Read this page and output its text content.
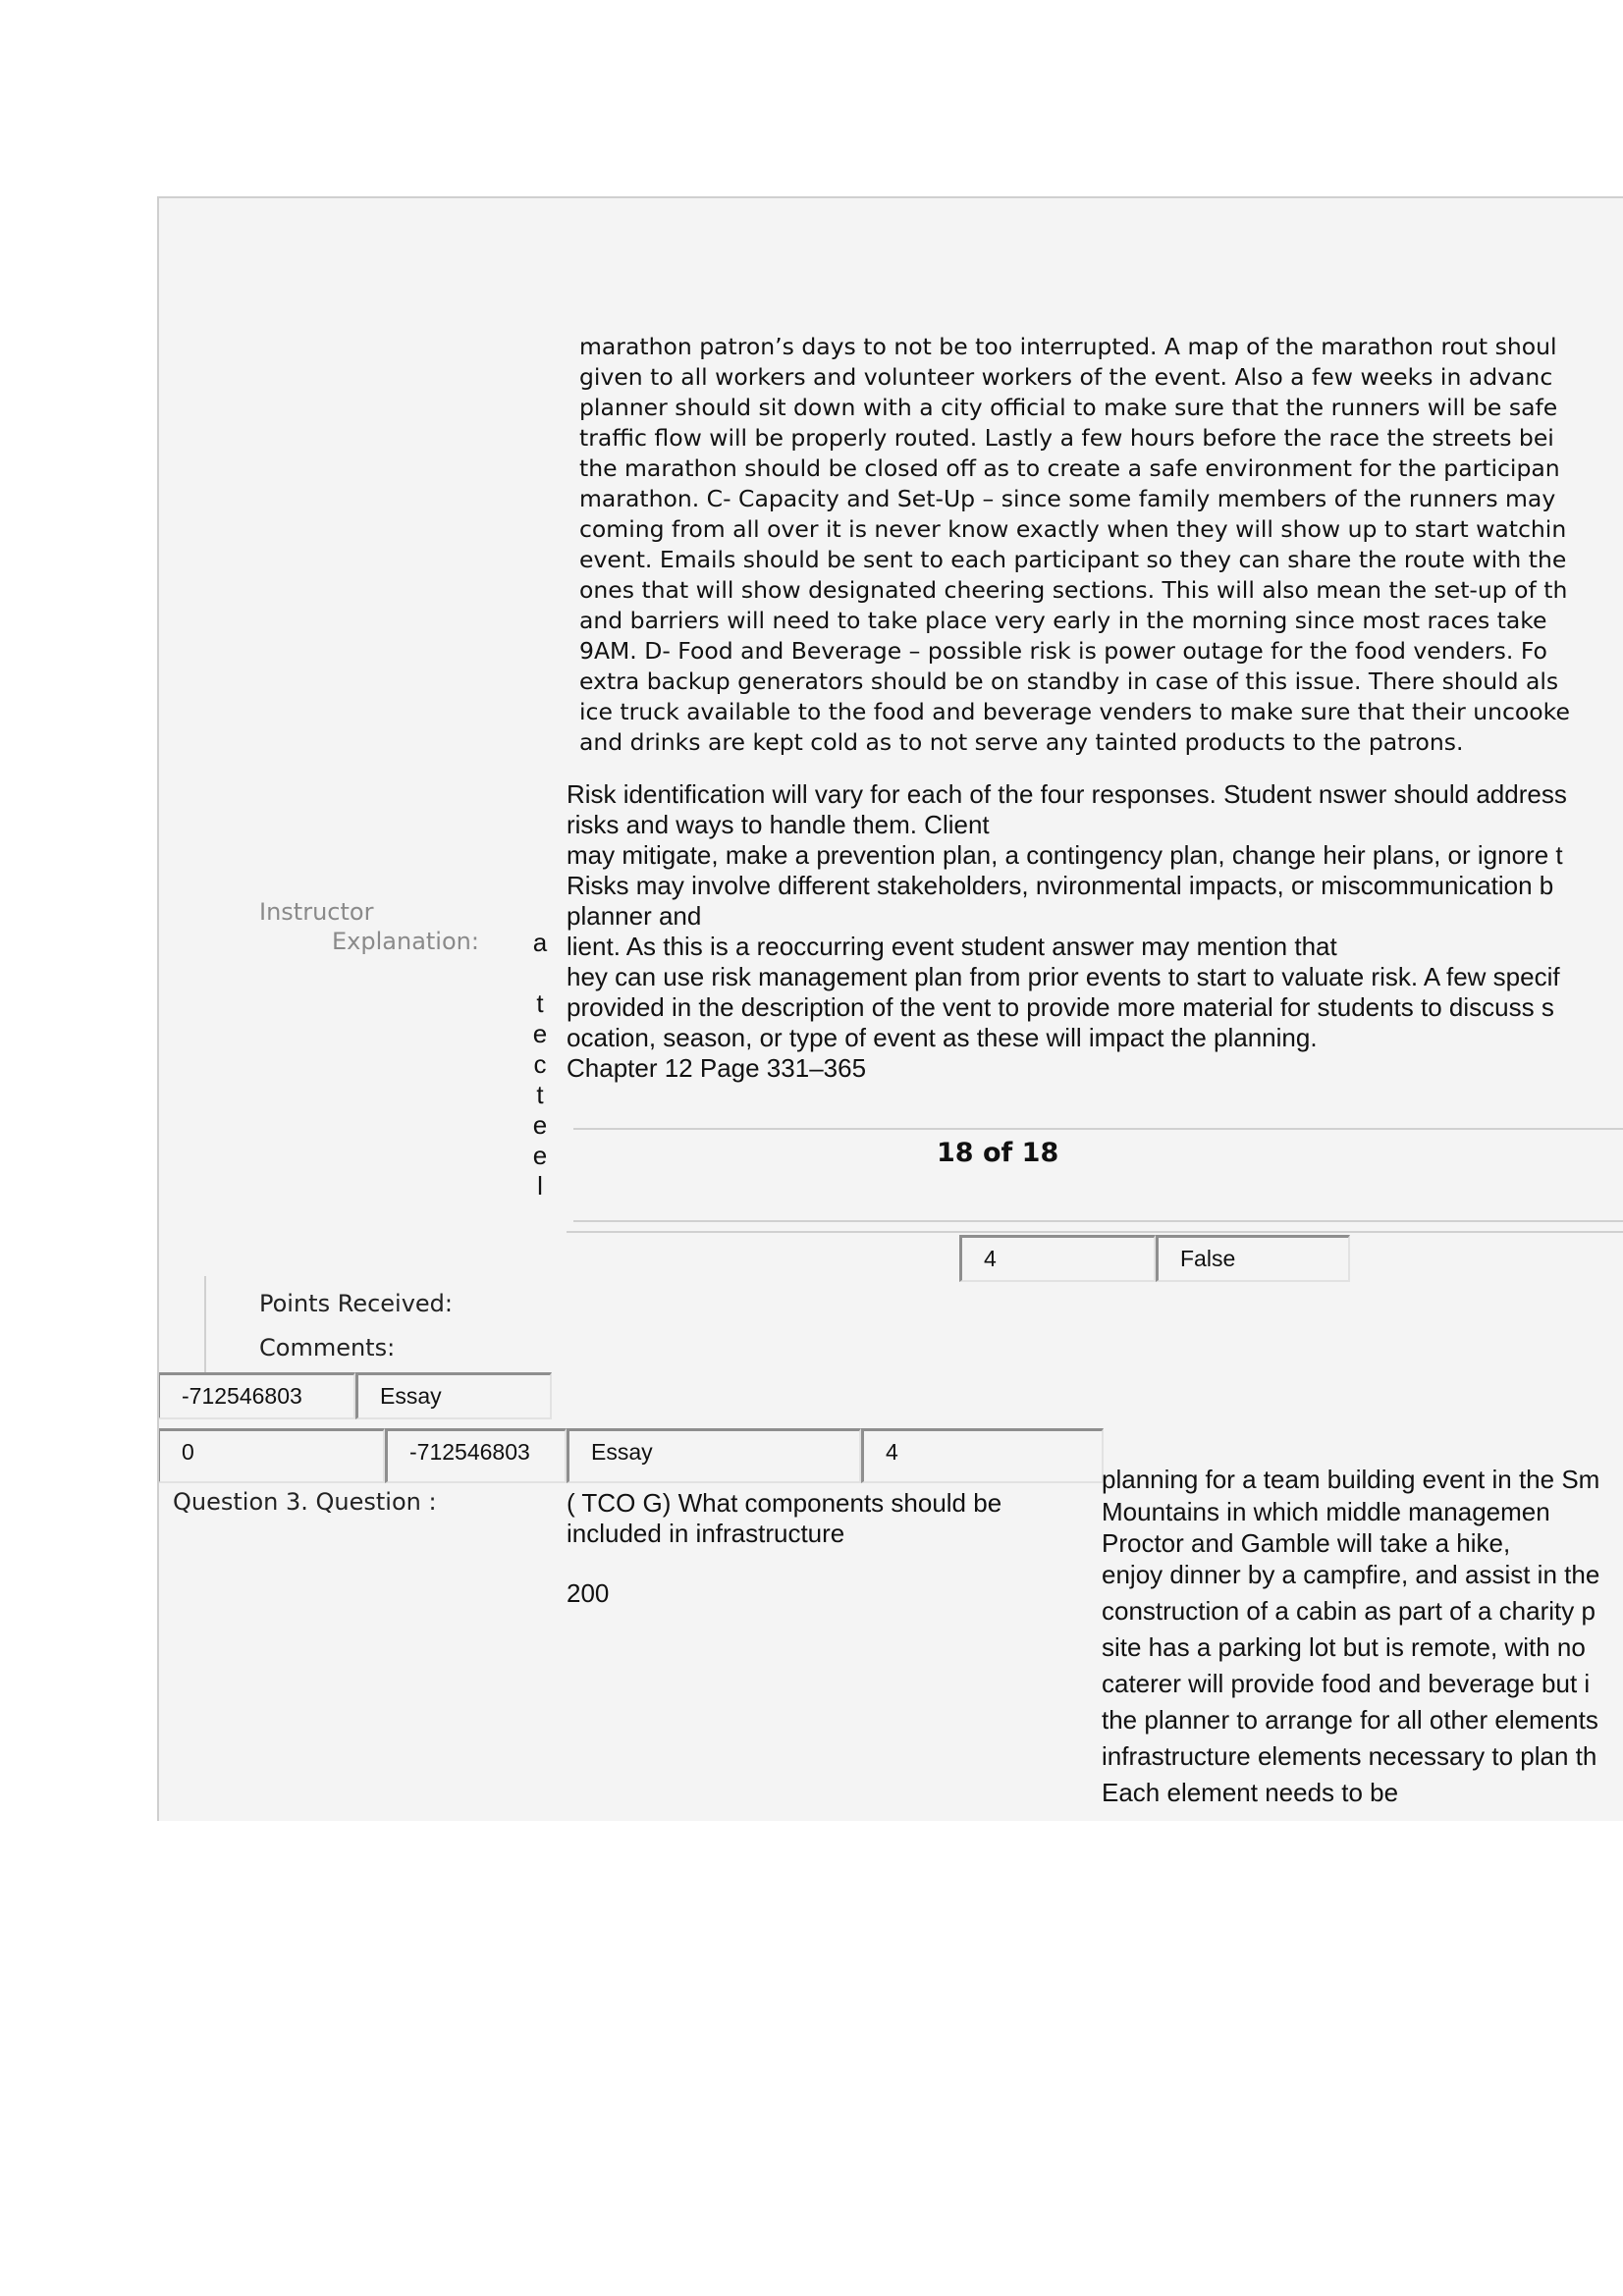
marathon patron’s days to not be too interrupted. A map of the marathon rout shoul
given to all workers and volunteer workers of the event. Also a few weeks in advanc
planner should sit down with a city official to make sure that the runners will be safe
traffic flow will be properly routed. Lastly a few hours before the race the streets bei
the marathon should be closed off as to create a safe environment for the participan
marathon. C- Capacity and Set-Up – since some family members of the runners may
coming from all over it is never know exactly when they will show up to start watchin
event. Emails should be sent to each participant so they can share the route with the
ones that will show designated cheering sections. This will also mean the set-up of th
and barriers will need to take place very early in the morning since most races take
9AM. D- Food and Beverage – possible risk is power outage for the food venders. Fo
extra backup generators should be on standby in case of this issue. There should als
ice truck available to the food and beverage venders to make sure that their uncooke
and drinks are kept cold as to not serve any tainted products to the patrons.
Instructor
Explanation: a
t
e
c
t
e
e
l
Risk identification will vary for each of the four responses. Student nswer should address
risks and ways to handle them. Client
may mitigate, make a prevention plan, a contingency plan, change heir plans, or ignore t
Risks may involve different stakeholders, nvironmental impacts, or miscommunication b
planner and
lient. As this is a reoccurring event student answer may mention that
hey can use risk management plan from prior events to start to valuate risk. A few specif
provided in the description of the vent to provide more material for students to discuss s
ocation, season, or type of event as these will impact the planning.
Chapter 12 Page 331–365
18 of 18
4	False
Points Received:
Comments:
-712546803	Essay
0	-712546803	Essay	4
Question 3. Question :	( TCO G) What components should be included in infrastructure
200
planning for a team building event in the Sm
Mountains in which middle managemen
Proctor and Gamble will take a hike,
enjoy dinner by a campfire, and assist in the
construction of a cabin as part of a charity p
site has a parking lot but is remote, with no
caterer will provide food and beverage but i
the planner to arrange for all other elements
infrastructure elements necessary to plan th
Each element needs to be
